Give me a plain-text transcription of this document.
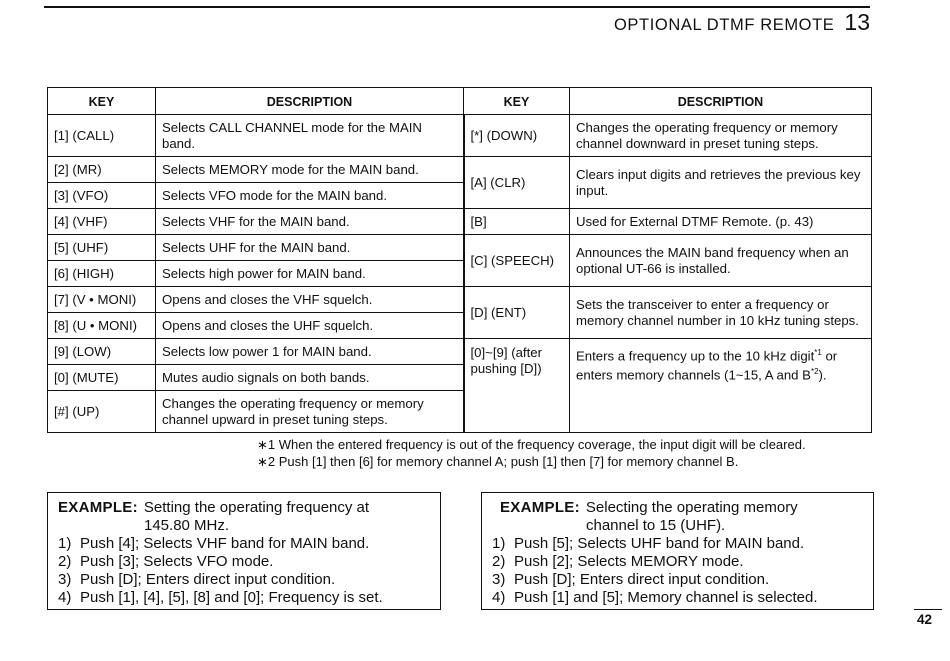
OPTIONAL DTMF REMOTE 13
KEY	DESCRIPTION	KEY	DESCRIPTION
[1] (CALL)	Selects CALL CHANNEL mode for the MAIN band.	[*] (DOWN)	Changes the operating frequency or memory channel downward in preset tuning steps.
[2] (MR)	Selects MEMORY mode for the MAIN band.	[A] (CLR)	Clears input digits and retrieves the previous key input.
[3] (VFO)	Selects VFO mode for the MAIN band.		
[4] (VHF)	Selects VHF for the MAIN band.	[B]	Used for External DTMF Remote. (p. 43)
[5] (UHF)	Selects UHF for the MAIN band.	[C] (SPEECH)	Announces the MAIN band frequency when an optional UT-66 is installed.
[6] (HIGH)	Selects high power for MAIN band.		
[7] (V • MONI)	Opens and closes the VHF squelch.	[D] (ENT)	Sets the transceiver to enter a frequency or memory channel number in 10 kHz tuning steps.
[8] (U • MONI)	Opens and closes the UHF squelch.		
[9] (LOW)	Selects low power 1 for MAIN band.	[0]~[9] (after pushing [D])	Enters a frequency up to the 10 kHz digit$^{*1}$ or enters memory channels (1~15, A and $B^{*2}$).
[0] (MUTE)	Mutes audio signals on both bands.		
[#] (UP)	Changes the operating frequency or memory channel upward in preset tuning steps.		
∗1 When the entered frequency is out of the frequency coverage, the input digit will be cleared.
∗2 Push [1] then [6] for memory channel A; push [1] then [7] for memory channel B.
EXAMPLE: Setting the operating frequency at
145.80 MHz.
1) Push [4]; Selects VHF band for MAIN band.
2) Push [3]; Selects VFO mode.
3) Push [D]; Enters direct input condition.
4) Push [1], [4], [5], [8] and [0]; Frequency is set.
EXAMPLE: Selecting the operating memory
channel to 15 (UHF).
1) Push [5]; Selects UHF band for MAIN band.
2) Push [2]; Selects MEMORY mode.
3) Push [D]; Enters direct input condition.
4) Push [1] and [5]; Memory channel is selected.
42
